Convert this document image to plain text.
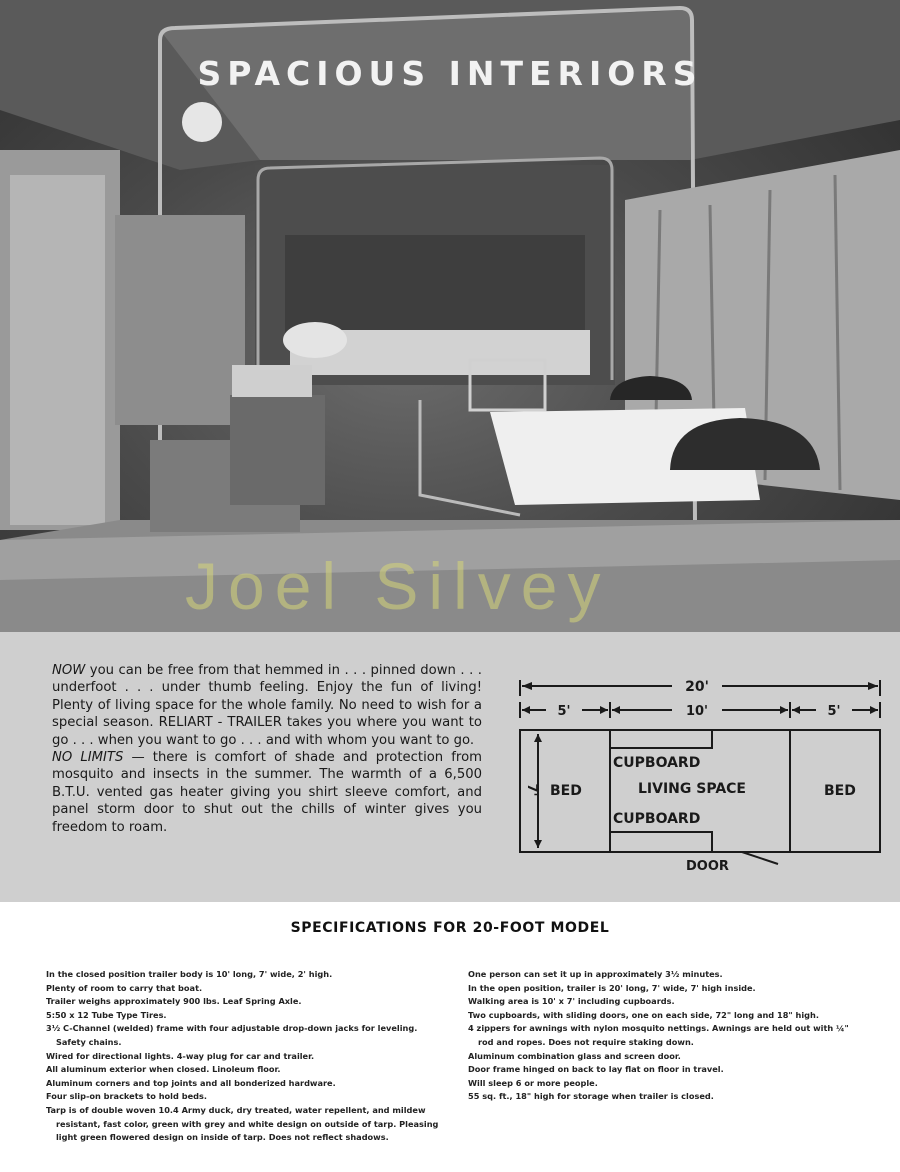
SPACIOUS INTERIORS
Joel Silvey

NOW you can be free from that hemmed in . . . pinned down . . . underfoot . . . under thumb feeling. Enjoy the fun of living! Plenty of living space for the whole family. No need to wish for a special season. RELIART - TRAILER takes you where you want to go . . . when you want to go . . . and with whom you want to go.

NO LIMITS — there is comfort of shade and protection from mosquito and insects in the summer. The warmth of a 6,500 B.T.U. vented gas heater giving you shirt sleeve comfort, and panel storm door to shut out the chills of winter gives you freedom to roam.

20'
5'	10'	5'
7' BED	BED
LIVING SPACE
CUPBOARD
CUPBOARD
DOOR
SPECIFICATIONS FOR 20-FOOT MODEL

In the closed position trailer body is 10' long, 7' wide, 2' high.

Plenty of room to carry that boat.

Trailer weighs approximately 900 lbs. Leaf Spring Axle.

5:50 x 12 Tube Type Tires.

3½ C-Channel (welded) frame with four adjustable drop-down jacks for leveling. Safety chains.

Wired for directional lights. 4-way plug for car and trailer.

All aluminum exterior when closed. Linoleum floor.

Aluminum corners and top joints and all bonderized hardware.

Four slip-on brackets to hold beds.

Tarp is of double woven 10.4 Army duck, dry treated, water repellent, and mildew resistant, fast color, green with grey and white design on outside of tarp. Pleasing light green flowered design on inside of tarp. Does not reflect shadows.

One person can set it up in approximately 3½ minutes.

In the open position, trailer is 20' long, 7' wide, 7' high inside.

Walking area is 10' x 7' including cupboards.

Two cupboards, with sliding doors, one on each side, 72" long and 18" high.

4 zippers for awnings with nylon mosquito nettings. Awnings are held out with ¼" rod and ropes. Does not require staking down.

Aluminum combination glass and screen door.

Door frame hinged on back to lay flat on floor in travel.

Will sleep 6 or more people.

55 sq. ft., 18" high for storage when trailer is closed.
